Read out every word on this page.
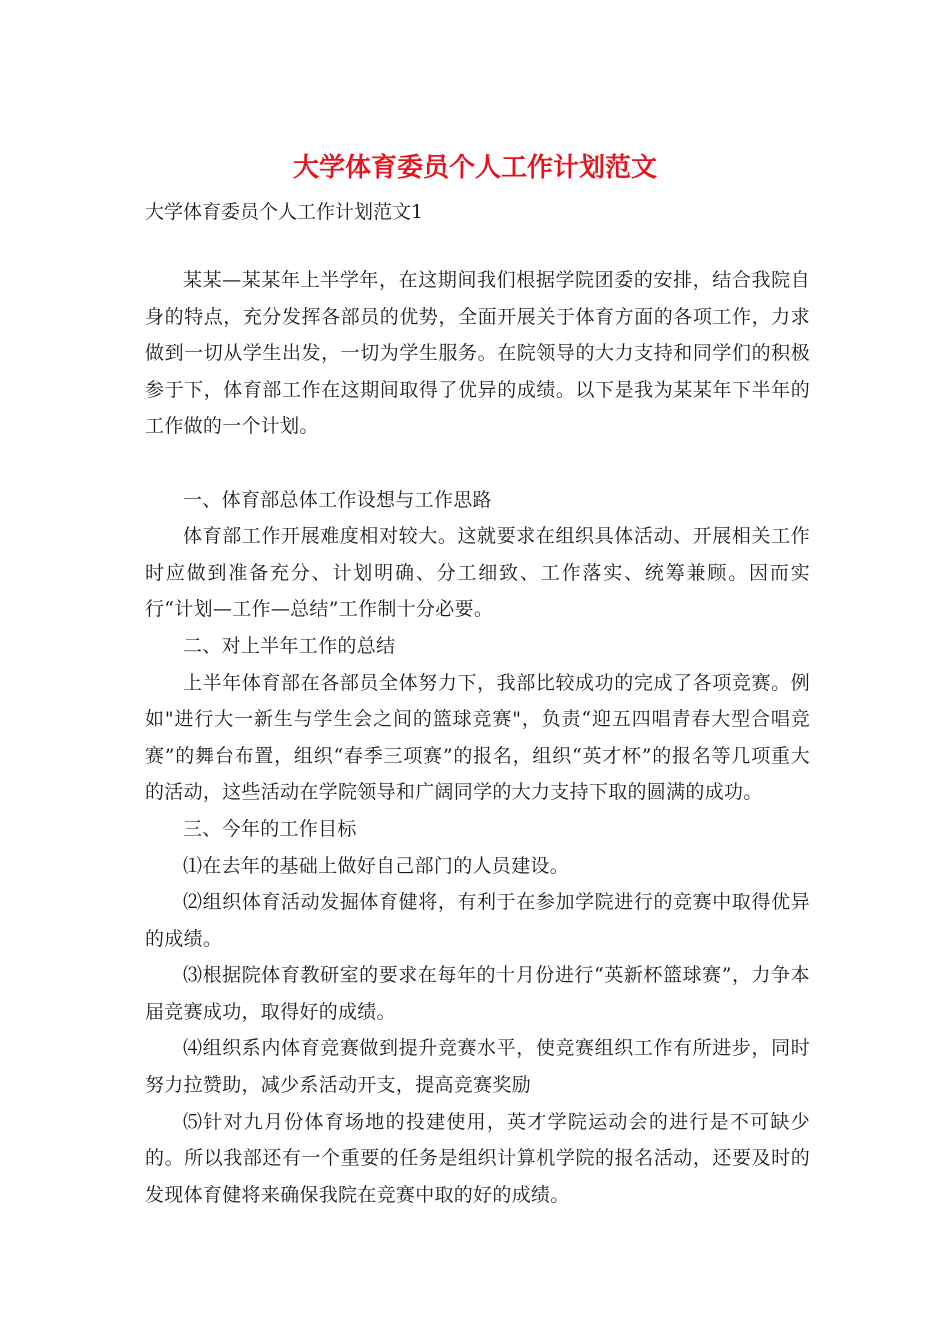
大学体育委员个人工作计划范文
大学体育委员个人工作计划范文1

某某—某某年上半学年，在这期间我们根据学院团委的安排，结合我院自身的特点，充分发挥各部员的优势，全面开展关于体育方面的各项工作，力求做到一切从学生出发，一切为学生服务。在院领导的大力支持和同学们的积极参于下，体育部工作在这期间取得了优异的成绩。以下是我为某某年下半年的工作做的一个计划。

一、体育部总体工作设想与工作思路

体育部工作开展难度相对较大。这就要求在组织具体活动、开展相关工作时应做到准备充分、计划明确、分工细致、工作落实、统筹兼顾。因而实行“计划—工作—总结”工作制十分必要。

二、对上半年工作的总结

上半年体育部在各部员全体努力下，我部比较成功的完成了各项竞赛。例如"进行大一新生与学生会之间的篮球竞赛"，负责“迎五四唱青春大型合唱竞赛”的舞台布置，组织“春季三项赛”的报名，组织“英才杯”的报名等几项重大的活动，这些活动在学院领导和广阔同学的大力支持下取的圆满的成功。

三、今年的工作目标

⑴在去年的基础上做好自己部门的人员建设。

⑵组织体育活动发掘体育健将，有利于在参加学院进行的竞赛中取得优异的成绩。

⑶根据院体育教研室的要求在每年的十月份进行“英新杯篮球赛”，力争本届竞赛成功，取得好的成绩。

⑷组织系内体育竞赛做到提升竞赛水平，使竞赛组织工作有所进步，同时努力拉赞助，减少系活动开支，提高竞赛奖励

⑸针对九月份体育场地的投建使用，英才学院运动会的进行是不可缺少的。所以我部还有一个重要的任务是组织计算机学院的报名活动，还要及时的发现体育健将来确保我院在竞赛中取的好的成绩。
